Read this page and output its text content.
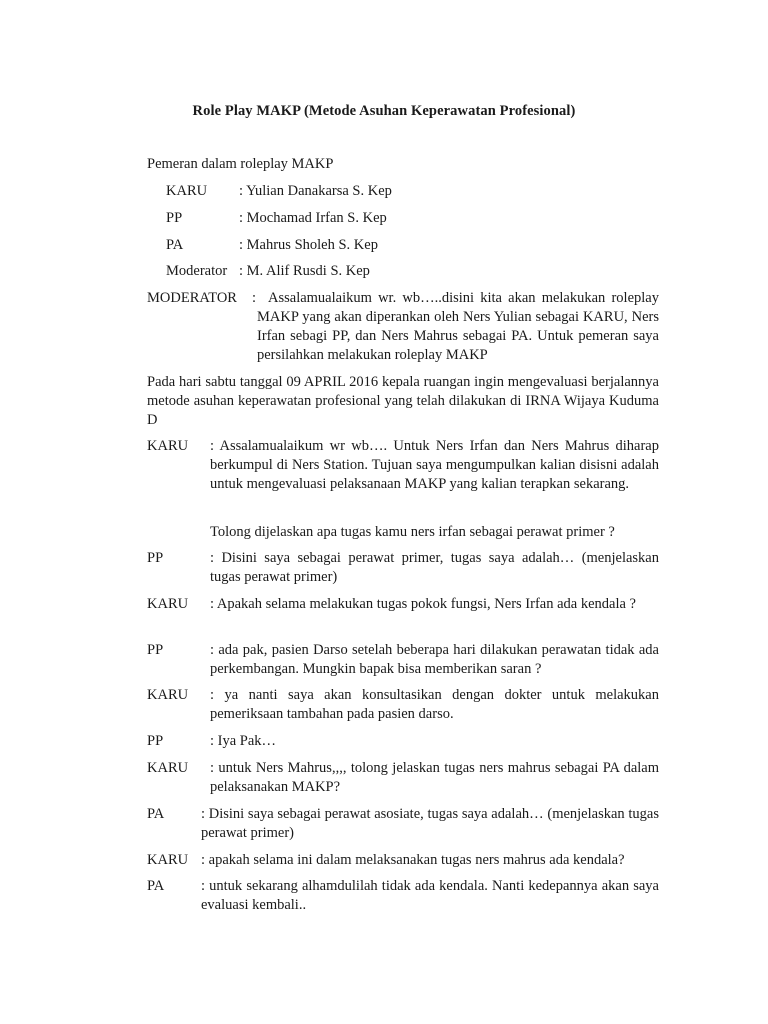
Role Play MAKP (Metode Asuhan Keperawatan Profesional)
Pemeran dalam roleplay MAKP
KARU : Yulian Danakarsa S. Kep
PP	: Mochamad Irfan S. Kep
PA	: Mahrus Sholeh S. Kep
Moderator : M. Alif Rusdi S. Kep
MODERATOR : Assalamualaikum wr. wb…..disini kita akan melakukan roleplay MAKP yang akan diperankan oleh Ners Yulian sebagai KARU, Ners Irfan sebagi PP, dan Ners Mahrus sebagai PA. Untuk pemeran saya persilahkan melakukan roleplay MAKP
Pada hari sabtu tanggal 09 APRIL 2016 kepala ruangan ingin mengevaluasi berjalannya metode asuhan keperawatan profesional yang telah dilakukan di IRNA Wijaya Kuduma D
KARU : Assalamualaikum wr wb…. Untuk Ners Irfan dan Ners Mahrus diharap berkumpul di Ners Station. Tujuan saya mengumpulkan kalian disisni adalah untuk mengevaluasi pelaksanaan MAKP yang kalian terapkan sekarang.
Tolong dijelaskan apa tugas kamu ners irfan sebagai perawat primer ?
PP	: Disini saya sebagai perawat primer, tugas saya adalah… (menjelaskan tugas perawat primer)
KARU : Apakah selama melakukan tugas pokok fungsi, Ners Irfan ada kendala ?
PP	: ada pak, pasien Darso setelah beberapa hari dilakukan perawatan tidak ada perkembangan. Mungkin bapak bisa memberikan saran ?
KARU : ya nanti saya akan konsultasikan dengan dokter untuk melakukan pemeriksaan tambahan pada pasien darso.
PP	: Iya Pak…
KARU : untuk Ners Mahrus,,,, tolong jelaskan tugas ners mahrus sebagai PA dalam pelaksanakan MAKP?
PA	: Disini saya sebagai perawat asosiate, tugas saya adalah… (menjelaskan tugas perawat primer)
KARU : apakah selama ini dalam melaksanakan tugas ners mahrus ada kendala?
PA	: untuk sekarang alhamdulilah tidak ada kendala. Nanti kedepannya akan saya evaluasi kembali..
